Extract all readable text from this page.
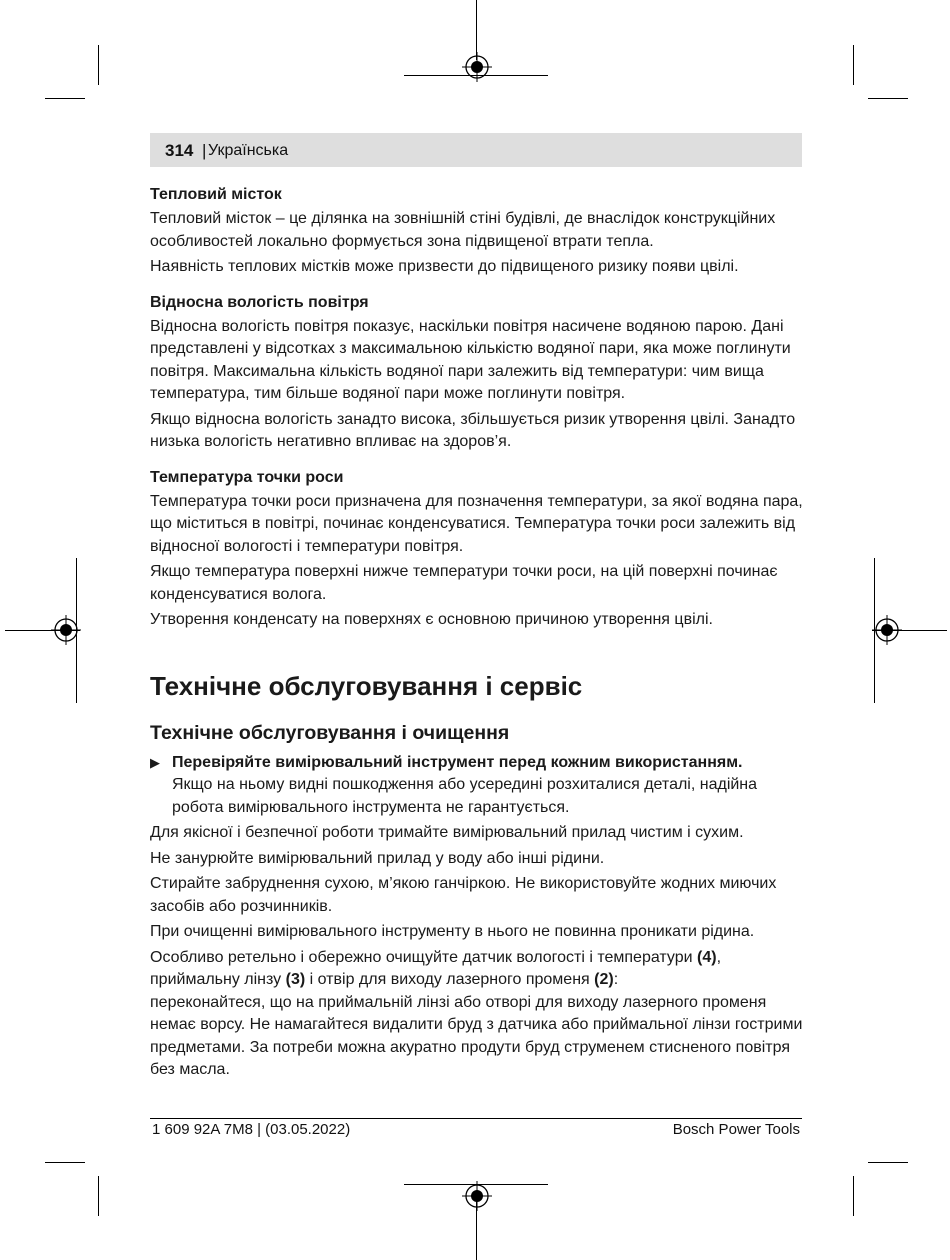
314 | Українська
Тепловий місток

Тепловий місток – це ділянка на зовнішній стіні будівлі, де внаслідок конструкційних особливостей локально формується зона підвищеної втрати тепла.

Наявність теплових містків може призвести до підвищеного ризику появи цвілі.

Відносна вологість повітря

Відносна вологість повітря показує, наскільки повітря насичене водяною парою. Дані представлені у відсотках з максимальною кількістю водяної пари, яка може поглинути повітря. Максимальна кількість водяної пари залежить від температури: чим вища температура, тим більше водяної пари може поглинути повітря.

Якщо відносна вологість занадто висока, збільшується ризик утворення цвілі. Занадто низька вологість негативно впливає на здоров’я.

Температура точки роси

Температура точки роси призначена для позначення температури, за якої водяна пара, що міститься в повітрі, починає конденсуватися. Температура точки роси залежить від відносної вологості і температури повітря.

Якщо температура поверхні нижче температури точки роси, на цій поверхні починає конденсуватися волога.

Утворення конденсату на поверхнях є основною причиною утворення цвілі.

Технічне обслуговування і сервіс
Технічне обслуговування і очищення
▶ Перевіряйте вимірювальний інструмент перед кожним використанням.
Якщо на ньому видні пошкодження або усередині розхиталися деталі, надійна робота вимірювального інструмента не гарантується.

Для якісної і безпечної роботи тримайте вимірювальний прилад чистим і сухим.

Не занурюйте вимірювальний прилад у воду або інші рідини.

Стирайте забруднення сухою, м’якою ганчіркою. Не використовуйте жодних миючих засобів або розчинників.

При очищенні вимірювального інструменту в нього не повинна проникати рідина.

Особливо ретельно і обережно очищуйте датчик вологості і температури (4), приймальну лінзу (3) і отвір для виходу лазерного променя (2):
переконайтеся, що на приймальній лінзі або отворі для виходу лазерного променя немає ворсу. Не намагайтеся видалити бруд з датчика або приймальної лінзи гострими предметами. За потреби можна акуратно продути бруд струменем стисненого повітря без масла.

1 609 92A 7M8 | (03.05.2022)	Bosch Power Tools
